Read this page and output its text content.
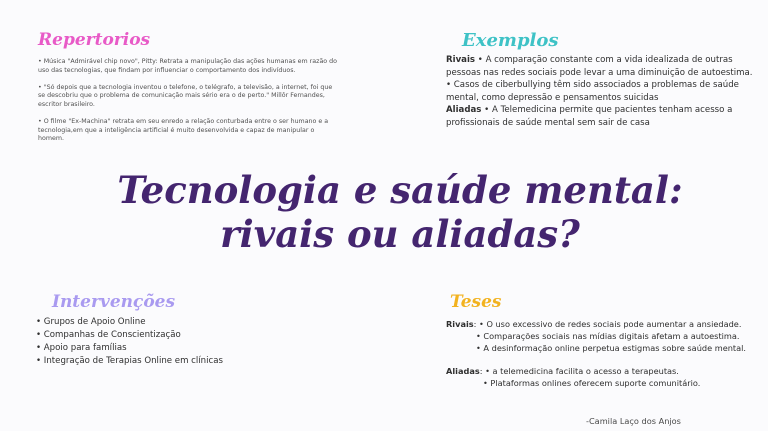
Repertorios

• Música "Admirável chip novo", Pitty: Retrata a manipulação das ações humanas em razão do uso das tecnologias, que findam por influenciar o comportamento dos indivíduos.

• "Só depois que a tecnologia inventou o telefone, o telégrafo, a televisão, a internet, foi que se descobriu que o problema de comunicação mais sério era o de perto." Millôr Fernandes, escritor brasileiro.

• O filme "Ex-Machina" retrata em seu enredo a relação conturbada entre o ser humano e a tecnologia,em que a inteligência artificial é muito desenvolvida e capaz de manipular o homem.

Exemplos

Rivais • A comparação constante com a vida idealizada de outras pessoas nas redes sociais pode levar a uma diminuição de autoestima.

• Casos de ciberbullying têm sido associados a problemas de saúde mental, como depressão e pensamentos suicidas

Aliadas • A Telemedicina permite que pacientes tenham acesso a profissionais de saúde mental sem sair de casa

Tecnologia e saúde mental:
rivais ou aliadas?
Intervenções
• Grupos de Apoio Online
• Companhas de Conscientização
• Apoio para famílias
• Integração de Terapias Online em clínicas
Teses

Rivais: • O uso excessivo de redes sociais pode aumentar a ansiedade.

• Comparações sociais nas mídias digitais afetam a autoestima.

• A desinformação online perpetua estigmas sobre saúde mental.

Aliadas: • a telemedicina facilita o acesso a terapeutas.

• Plataformas onlines oferecem suporte comunitário.

-Camila Laço dos Anjos
